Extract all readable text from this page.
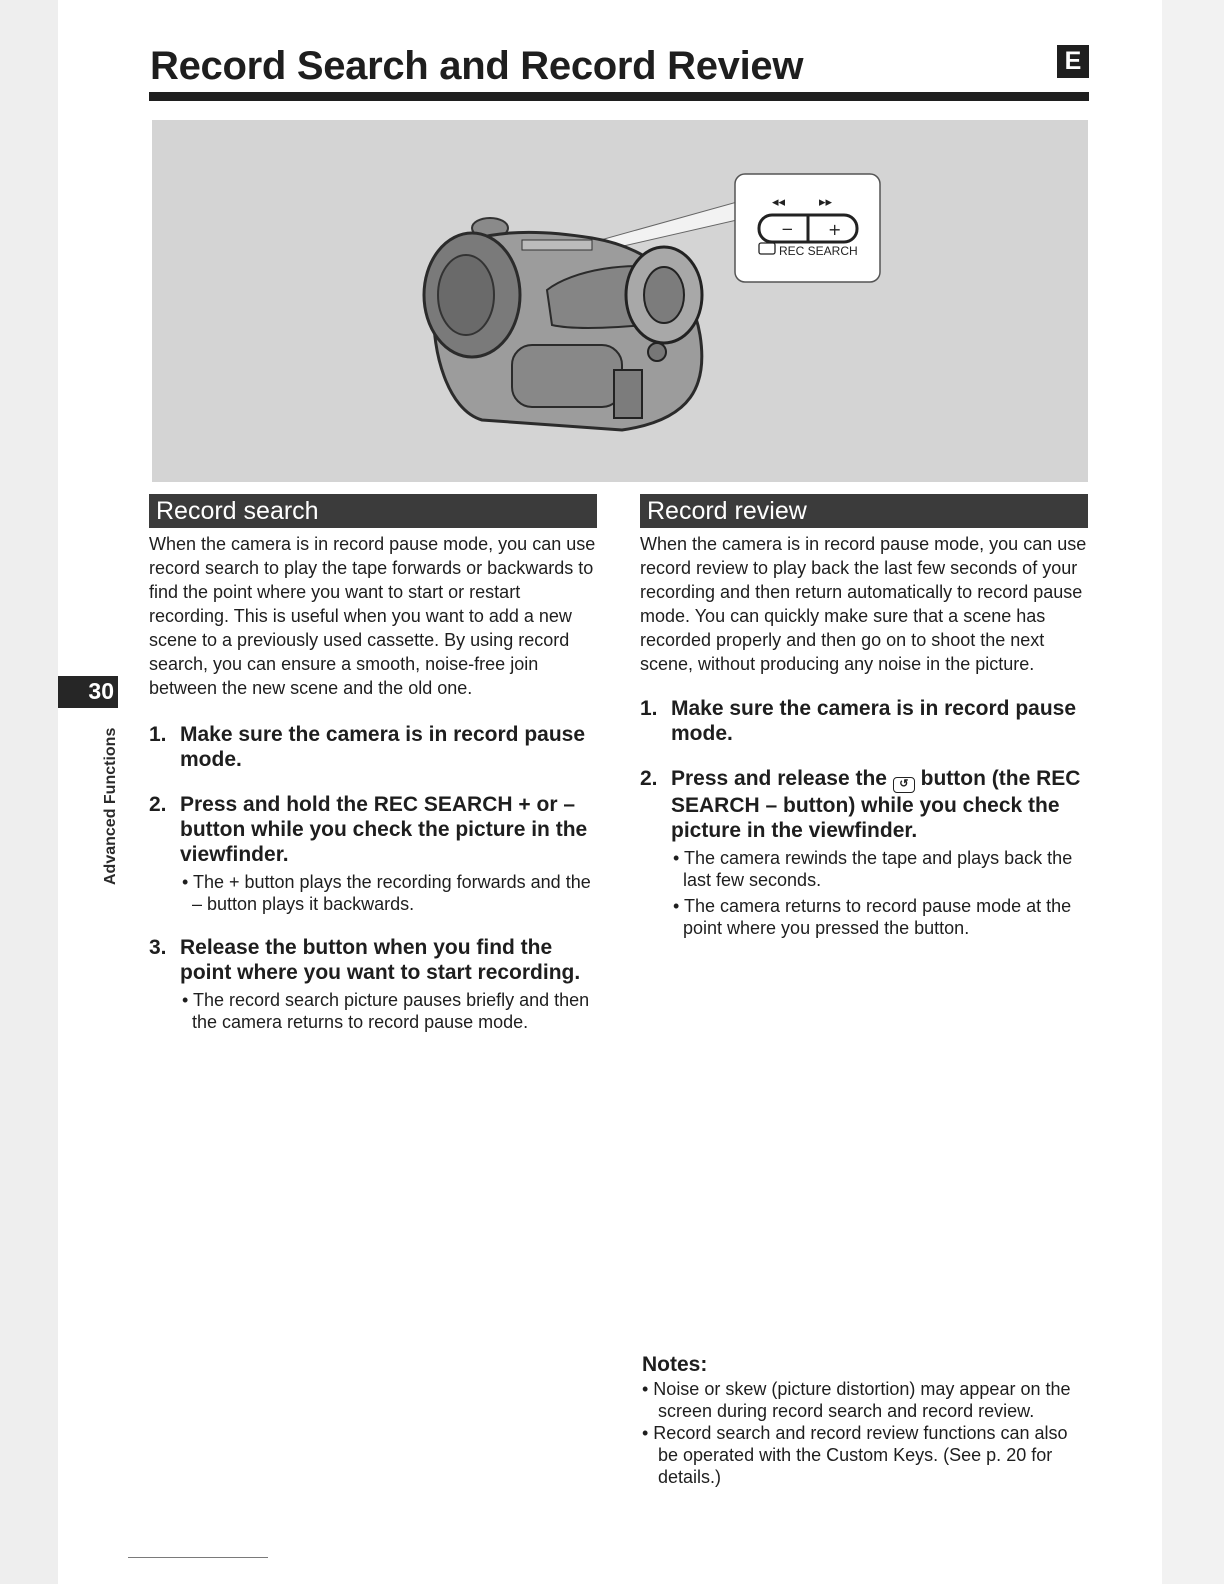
Record Search and Record Review	E
◂◂	▸▸
− +
REC SEARCH
30
Advanced Functions
Record search

When the camera is in record pause mode, you can use record search to play the tape forwards or backwards to find the point where you want to start or restart recording. This is useful when you want to add a new scene to a previously used cassette. By using record search, you can ensure a smooth, noise-free join between the new scene and the old one.

1. Make sure the camera is in record pause mode.
2. Press and hold the REC SEARCH + or – button while you check the picture in the viewfinder.
• The + button plays the recording forwards and the – button plays it backwards.
3. Release the button when you find the point where you want to start recording.
• The record search picture pauses briefly and then the camera returns to record pause mode.
Record review

When the camera is in record pause mode, you can use record review to play back the last few seconds of your recording and then return automatically to record pause mode. You can quickly make sure that a scene has recorded properly and then go on to shoot the next scene, without producing any noise in the picture.

1. Make sure the camera is in record pause mode.
2. Press and release the ↺ button (the REC SEARCH – button) while you check the picture in the viewfinder.
• The camera rewinds the tape and plays back the last few seconds.
• The camera returns to record pause mode at the point where you pressed the button.
Notes:
• Noise or skew (picture distortion) may appear on the screen during record search and record review.
• Record search and record review functions can also be operated with the Custom Keys. (See p. 20 for details.)
